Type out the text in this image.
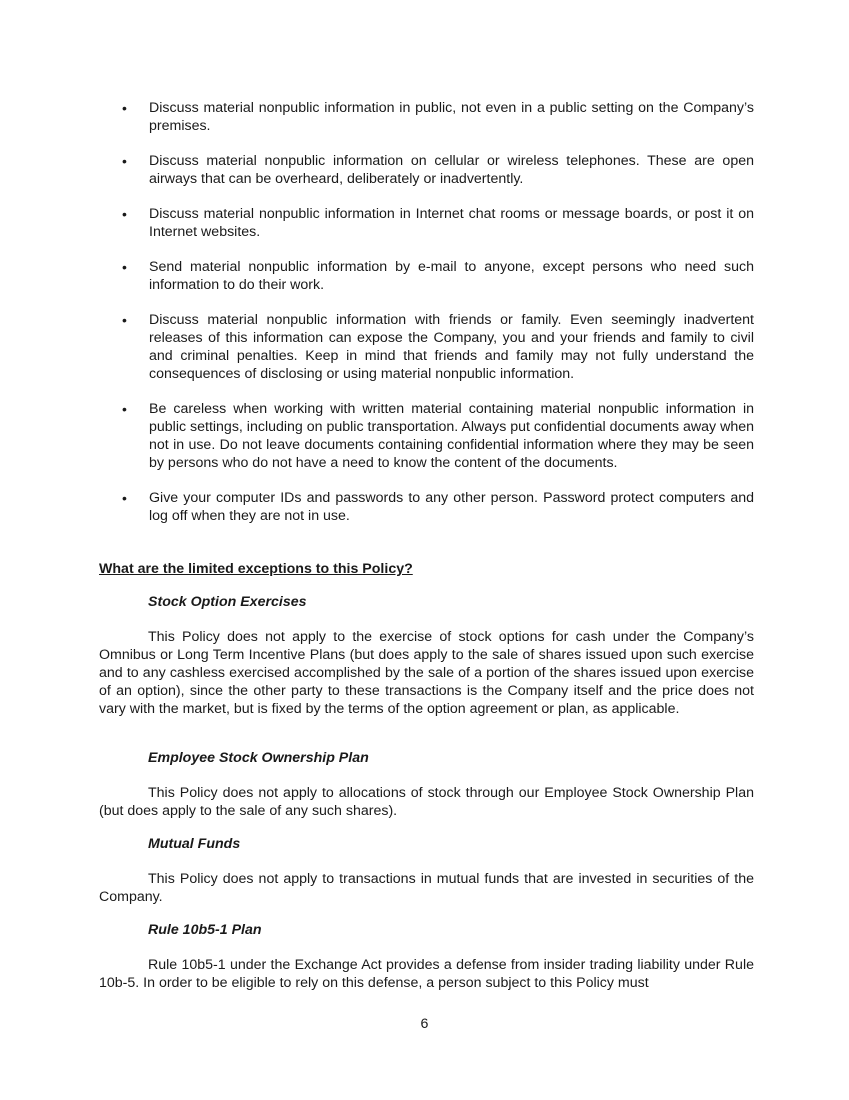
• Discuss material nonpublic information in public, not even in a public setting on the Company’s premises.
• Discuss material nonpublic information on cellular or wireless telephones. These are open airways that can be overheard, deliberately or inadvertently.
• Discuss material nonpublic information in Internet chat rooms or message boards, or post it on Internet websites.
• Send material nonpublic information by e-mail to anyone, except persons who need such information to do their work.
• Discuss material nonpublic information with friends or family. Even seemingly inadvertent releases of this information can expose the Company, you and your friends and family to civil and criminal penalties. Keep in mind that friends and family may not fully understand the consequences of disclosing or using material nonpublic information.
• Be careless when working with written material containing material nonpublic information in public settings, including on public transportation. Always put confidential documents away when not in use. Do not leave documents containing confidential information where they may be seen by persons who do not have a need to know the content of the documents.
• Give your computer IDs and passwords to any other person. Password protect computers and log off when they are not in use.

What are the limited exceptions to this Policy?

Stock Option Exercises

This Policy does not apply to the exercise of stock options for cash under the Company’s Omnibus or Long Term Incentive Plans (but does apply to the sale of shares issued upon such exercise and to any cashless exercised accomplished by the sale of a portion of the shares issued upon exercise of an option), since the other party to these transactions is the Company itself and the price does not vary with the market, but is fixed by the terms of the option agreement or plan, as applicable.

Employee Stock Ownership Plan

This Policy does not apply to allocations of stock through our Employee Stock Ownership Plan (but does apply to the sale of any such shares).

Mutual Funds

This Policy does not apply to transactions in mutual funds that are invested in securities of the Company.

Rule 10b5-1 Plan

Rule 10b5-1 under the Exchange Act provides a defense from insider trading liability under Rule 10b-5. In order to be eligible to rely on this defense, a person subject to this Policy must

6
